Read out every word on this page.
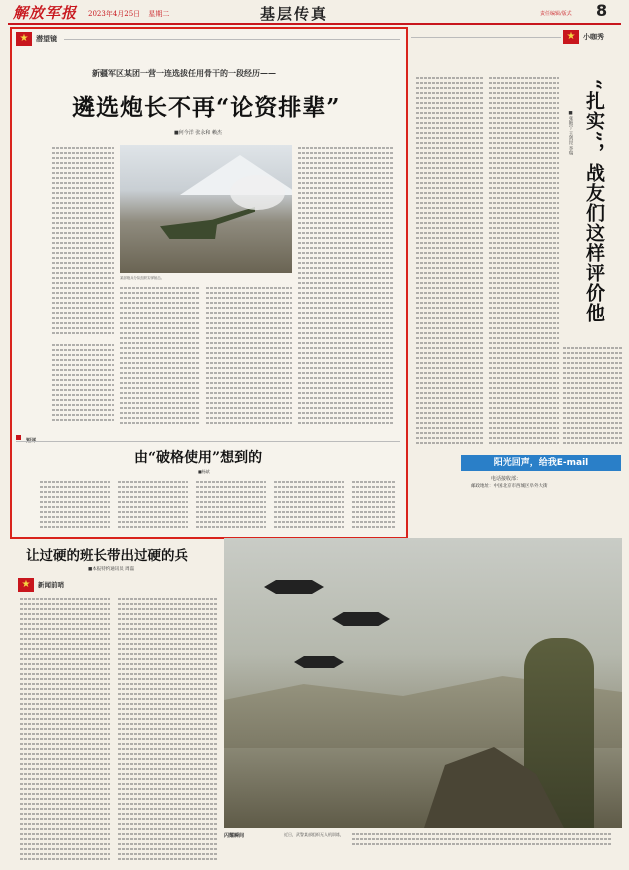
解放军报 2023年4月25日 星期二	基层传真	责任编辑/版式 8
★	潜望镜
新疆军区某团一营一连选拔任用骨干的一段经历——
遴选炮长不再“论资排辈”
■何今洋 张永和 赖杰
某部炮兵分队组织实弹射击。
由“破格使用”想到的
■杨斌
★	小咖秀
“扎实”，战友们这样评价他
■张艳宁 王剑昆 李瑞
阳光回声，给我E-mail
电话接收部：
邮政地址：中国北京市西城区阜外大街
让过硬的班长带出过硬的兵
■本报特约通讯员 周磊
★	新闻前哨
闪耀瞬间	近日，武警某部组织无人机训练，
